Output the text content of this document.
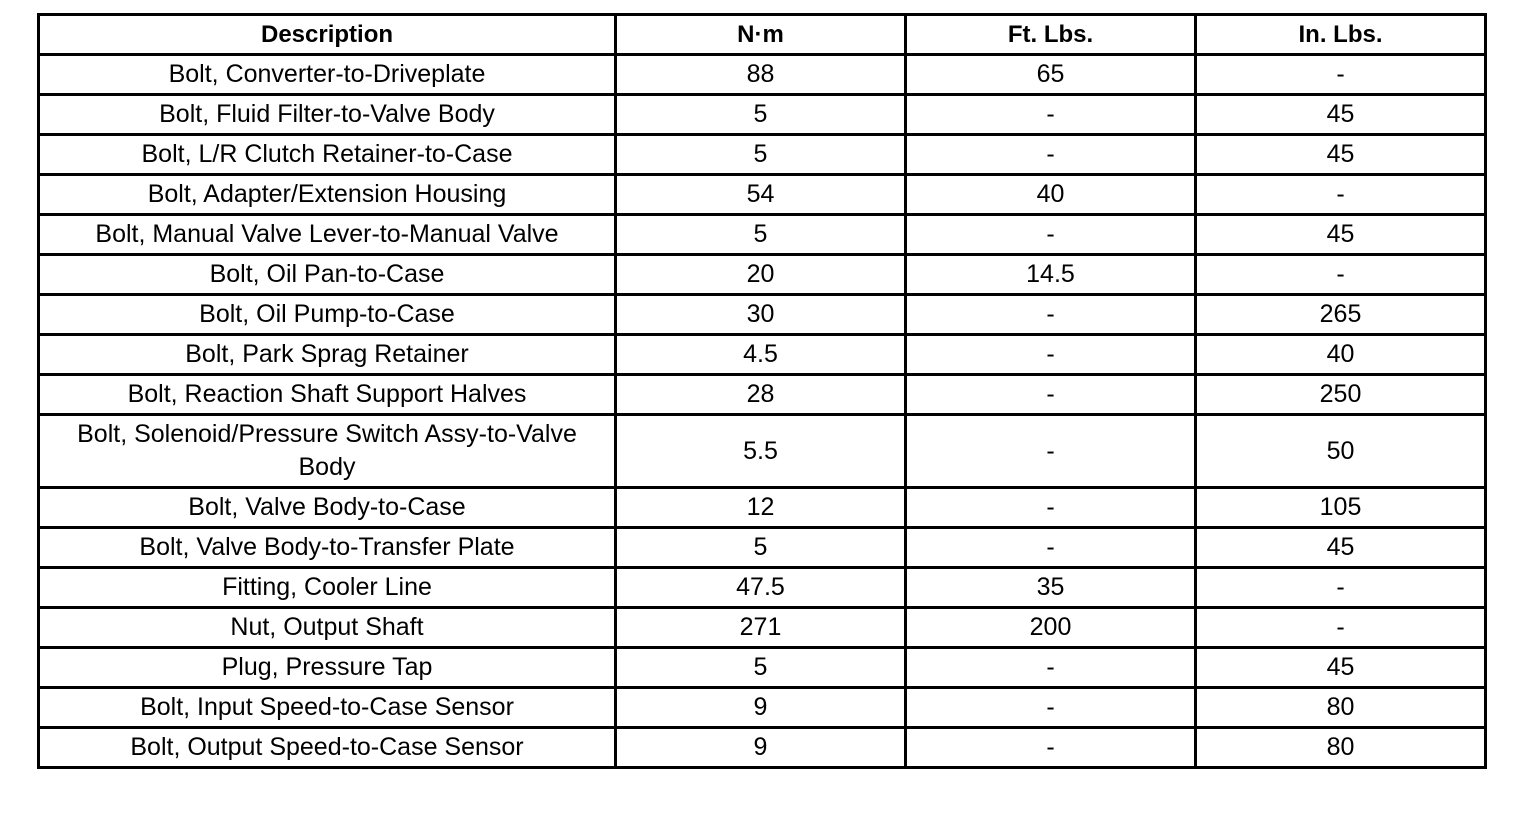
Description	N·m	Ft. Lbs.	In. Lbs.
Bolt, Converter-to-Driveplate	88	65	-
Bolt, Fluid Filter-to-Valve Body	5	-	45
Bolt, L/R Clutch Retainer-to-Case	5	-	45
Bolt, Adapter/Extension Housing	54	40	-
Bolt, Manual Valve Lever-to-Manual Valve	5	-	45
Bolt, Oil Pan-to-Case	20	14.5	-
Bolt, Oil Pump-to-Case	30	-	265
Bolt, Park Sprag Retainer	4.5	-	40
Bolt, Reaction Shaft Support Halves	28	-	250
Bolt, Solenoid/Pressure Switch Assy-to-Valve Body	5.5	-	50
Bolt, Valve Body-to-Case	12	-	105
Bolt, Valve Body-to-Transfer Plate	5	-	45
Fitting, Cooler Line	47.5	35	-
Nut, Output Shaft	271	200	-
Plug, Pressure Tap	5	-	45
Bolt, Input Speed-to-Case Sensor	9	-	80
Bolt, Output Speed-to-Case Sensor	9	-	80
